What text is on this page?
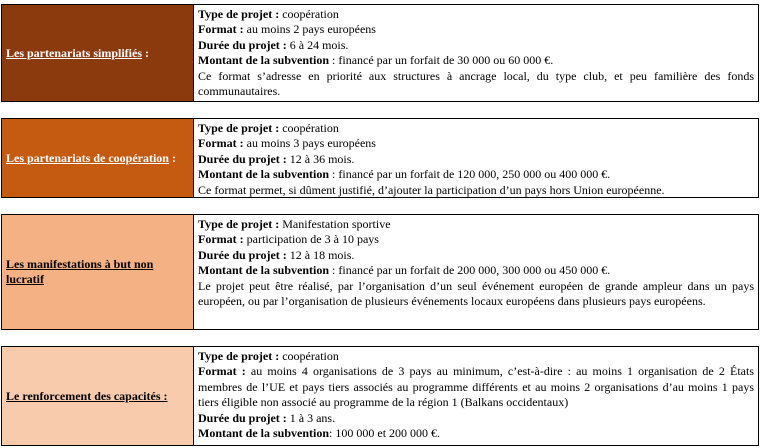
Les partenariats simplifiés :
Type de projet : coopération
Format : au moins 2 pays européens
Durée du projet : 6 à 24 mois.
Montant de la subvention : financé par un forfait de 30 000 ou 60 000 €.
Ce format s’adresse en priorité aux structures à ancrage local, du type club, et peu familière des fonds communautaires.
Les partenariats de coopération :
Type de projet : coopération
Format : au moins 3 pays européens
Durée du projet : 12 à 36 mois.
Montant de la subvention : financé par un forfait de 120 000, 250 000 ou 400 000 €.
Ce format permet, si dûment justifié, d’ajouter la participation d’un pays hors Union européenne.
Les manifestations à but non lucratif
Type de projet : Manifestation sportive
Format : participation de 3 à 10 pays
Durée du projet : 12 à 18 mois.
Montant de la subvention : financé par un forfait de 200 000, 300 000 ou 450 000 €.
Le projet peut être réalisé, par l’organisation d’un seul événement européen de grande ampleur dans un pays européen, ou par l’organisation de plusieurs événements locaux européens dans plusieurs pays européens.
Le renforcement des capacités :
Type de projet : coopération
Format : au moins 4 organisations de 3 pays au minimum, c’est-à-dire : au moins 1 organisation de 2 États membres de l’UE et pays tiers associés au programme différents et au moins 2 organisations d’au moins 1 pays tiers éligible non associé au programme de la région 1 (Balkans occidentaux)
Durée du projet : 1 à 3 ans.
Montant de la subvention: 100 000 et 200 000 €.
